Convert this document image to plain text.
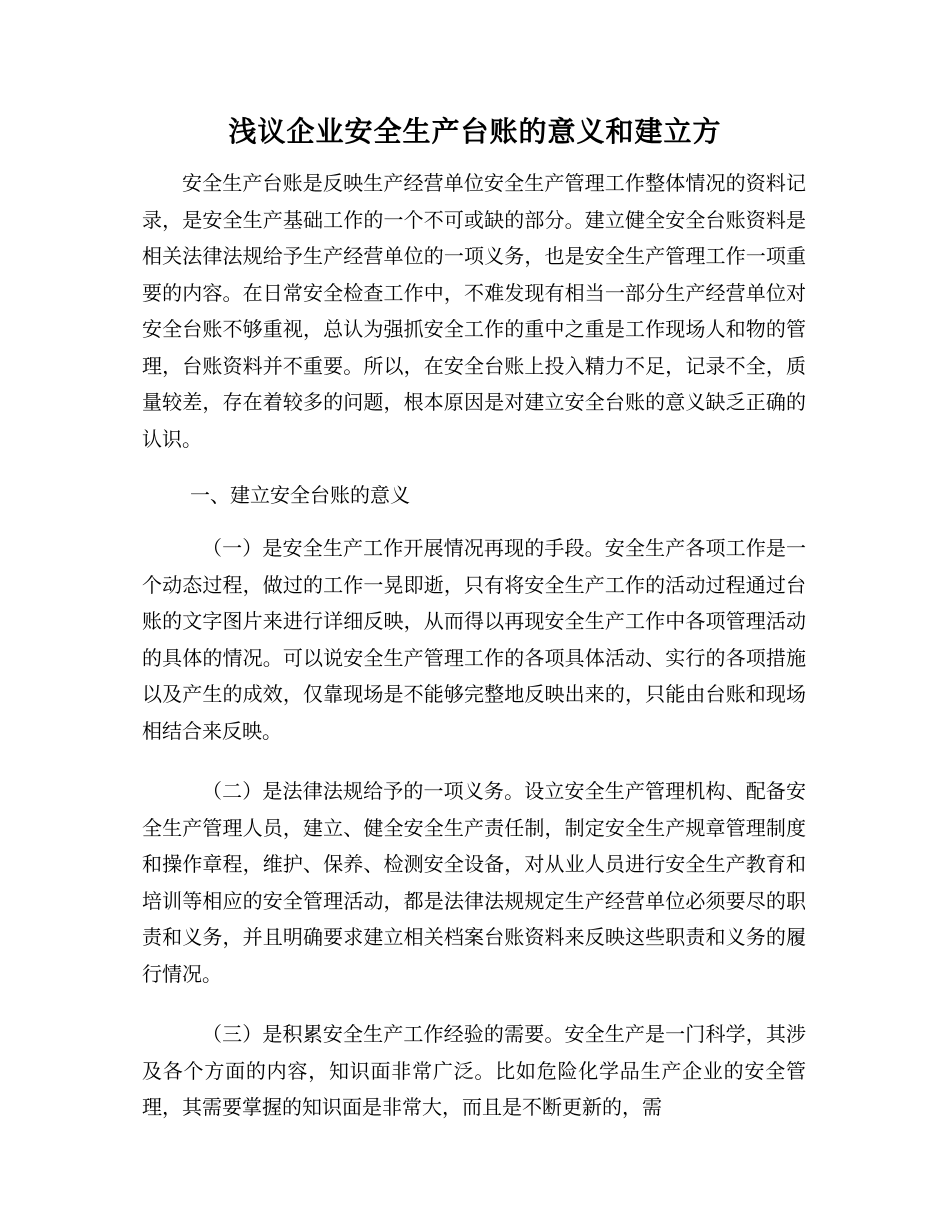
浅议企业安全生产台账的意义和建立方

安全生产台账是反映生产经营单位安全生产管理工作整体情况的资料记录，是安全生产基础工作的一个不可或缺的部分。建立健全安全台账资料是相关法律法规给予生产经营单位的一项义务，也是安全生产管理工作一项重要的内容。在日常安全检查工作中，不难发现有相当一部分生产经营单位对安全台账不够重视，总认为强抓安全工作的重中之重是工作现场人和物的管理，台账资料并不重要。所以，在安全台账上投入精力不足，记录不全，质量较差，存在着较多的问题，根本原因是对建立安全台账的意义缺乏正确的认识。

一、建立安全台账的意义

（一）是安全生产工作开展情况再现的手段。安全生产各项工作是一个动态过程，做过的工作一晃即逝，只有将安全生产工作的活动过程通过台账的文字图片来进行详细反映，从而得以再现安全生产工作中各项管理活动的具体的情况。可以说安全生产管理工作的各项具体活动、实行的各项措施以及产生的成效，仅靠现场是不能够完整地反映出来的，只能由台账和现场相结合来反映。

（二）是法律法规给予的一项义务。设立安全生产管理机构、配备安全生产管理人员，建立、健全安全生产责任制，制定安全生产规章管理制度和操作章程，维护、保养、检测安全设备，对从业人员进行安全生产教育和培训等相应的安全管理活动，都是法律法规规定生产经营单位必须要尽的职责和义务，并且明确要求建立相关档案台账资料来反映这些职责和义务的履行情况。

（三）是积累安全生产工作经验的需要。安全生产是一门科学，其涉及各个方面的内容，知识面非常广泛。比如危险化学品生产企业的安全管理，其需要掌握的知识面是非常大，而且是不断更新的，需
